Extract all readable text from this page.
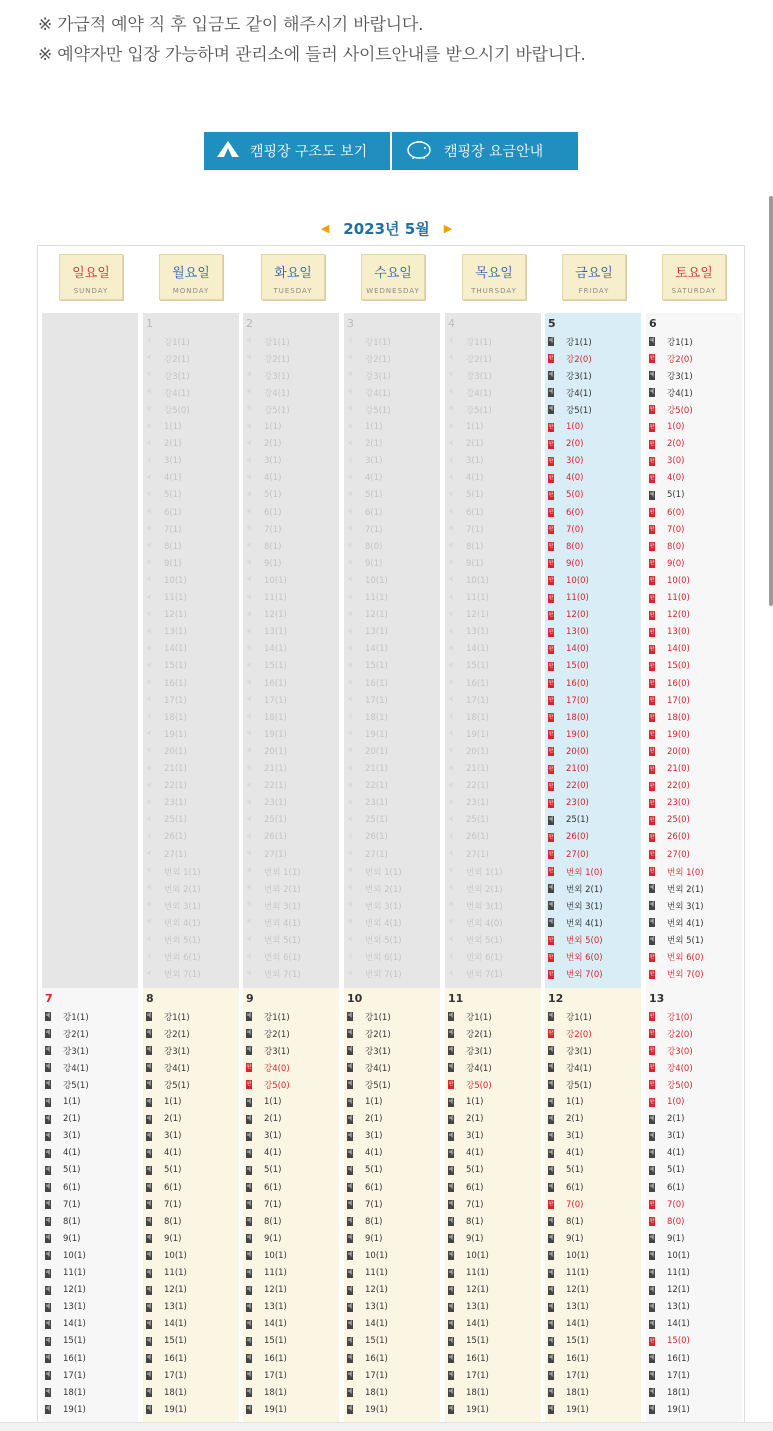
※ 가급적 예약 직 후 입금도 같이 해주시기 바랍니다.
※ 예약자만 입장 가능하며 관리소에 들러 사이트안내를 받으시기 바랍니다.
캠핑장 구조도 보기	캠핑장 요금안내
◀ 2023년 5월 ▶
일요일
SUNDAY
월요일
MONDAY
화요일
TUESDAY
수요일
WEDNESDAY
목요일
THURSDAY
금요일
FRIDAY
토요일
SATURDAY
1
예 강1(1)
예 강2(1)
예 강3(1)
예 강4(1)
완 강5(0)
예 1(1)
예 2(1)
예 3(1)
예 4(1)
예 5(1)
예 6(1)
예 7(1)
예 8(1)
예 9(1)
예 10(1)
예 11(1)
예 12(1)
예 13(1)
예 14(1)
예 15(1)
예 16(1)
예 17(1)
예 18(1)
예 19(1)
예 20(1)
예 21(1)
예 22(1)
예 23(1)
예 25(1)
예 26(1)
예 27(1)
예 번외 1(1)
예 번외 2(1)
예 번외 3(1)
예 번외 4(1)
예 번외 5(1)
예 번외 6(1)
예 번외 7(1)
2
예 강1(1)
예 강2(1)
예 강3(1)
예 강4(1)
예 강5(1)
예 1(1)
예 2(1)
예 3(1)
예 4(1)
예 5(1)
예 6(1)
예 7(1)
예 8(1)
예 9(1)
예 10(1)
예 11(1)
예 12(1)
예 13(1)
예 14(1)
예 15(1)
예 16(1)
예 17(1)
예 18(1)
예 19(1)
예 20(1)
예 21(1)
예 22(1)
예 23(1)
예 25(1)
예 26(1)
예 27(1)
예 번외 1(1)
예 번외 2(1)
예 번외 3(1)
예 번외 4(1)
예 번외 5(1)
예 번외 6(1)
예 번외 7(1)
3
예 강1(1)
예 강2(1)
예 강3(1)
예 강4(1)
예 강5(1)
예 1(1)
예 2(1)
예 3(1)
예 4(1)
예 5(1)
예 6(1)
예 7(1)
완 8(0)
예 9(1)
예 10(1)
예 11(1)
예 12(1)
예 13(1)
예 14(1)
예 15(1)
예 16(1)
예 17(1)
예 18(1)
예 19(1)
예 20(1)
예 21(1)
예 22(1)
예 23(1)
예 25(1)
예 26(1)
예 27(1)
예 번외 1(1)
예 번외 2(1)
예 번외 3(1)
예 번외 4(1)
예 번외 5(1)
예 번외 6(1)
예 번외 7(1)
4
예 강1(1)
예 강2(1)
예 강3(1)
예 강4(1)
예 강5(1)
예 1(1)
예 2(1)
예 3(1)
예 4(1)
예 5(1)
예 6(1)
예 7(1)
예 8(1)
예 9(1)
예 10(1)
예 11(1)
예 12(1)
예 13(1)
예 14(1)
예 15(1)
예 16(1)
예 17(1)
예 18(1)
예 19(1)
예 20(1)
예 21(1)
예 22(1)
예 23(1)
예 25(1)
예 26(1)
예 27(1)
예 번외 1(1)
예 번외 2(1)
예 번외 3(1)
완 번외 4(0)
예 번외 5(1)
예 번외 6(1)
예 번외 7(1)
5
예 강1(1)
완 강2(0)
예 강3(1)
예 강4(1)
예 강5(1)
완 1(0)
완 2(0)
완 3(0)
완 4(0)
완 5(0)
완 6(0)
완 7(0)
완 8(0)
완 9(0)
완 10(0)
완 11(0)
완 12(0)
완 13(0)
완 14(0)
완 15(0)
완 16(0)
완 17(0)
완 18(0)
완 19(0)
완 20(0)
완 21(0)
완 22(0)
완 23(0)
예 25(1)
완 26(0)
완 27(0)
완 번외 1(0)
예 번외 2(1)
예 번외 3(1)
예 번외 4(1)
완 번외 5(0)
완 번외 6(0)
완 번외 7(0)
6
예 강1(1)
완 강2(0)
예 강3(1)
예 강4(1)
완 강5(0)
완 1(0)
완 2(0)
완 3(0)
완 4(0)
예 5(1)
완 6(0)
완 7(0)
완 8(0)
완 9(0)
완 10(0)
완 11(0)
완 12(0)
완 13(0)
완 14(0)
완 15(0)
완 16(0)
완 17(0)
완 18(0)
완 19(0)
완 20(0)
완 21(0)
완 22(0)
완 23(0)
완 25(0)
완 26(0)
완 27(0)
완 번외 1(0)
예 번외 2(1)
예 번외 3(1)
예 번외 4(1)
예 번외 5(1)
완 번외 6(0)
완 번외 7(0)
7
예 강1(1)
예 강2(1)
예 강3(1)
예 강4(1)
예 강5(1)
예 1(1)
예 2(1)
예 3(1)
예 4(1)
예 5(1)
예 6(1)
예 7(1)
예 8(1)
예 9(1)
예 10(1)
예 11(1)
예 12(1)
예 13(1)
예 14(1)
예 15(1)
예 16(1)
예 17(1)
예 18(1)
예 19(1)
8
예 강1(1)
예 강2(1)
예 강3(1)
예 강4(1)
예 강5(1)
예 1(1)
예 2(1)
예 3(1)
예 4(1)
예 5(1)
예 6(1)
예 7(1)
예 8(1)
예 9(1)
예 10(1)
예 11(1)
예 12(1)
예 13(1)
예 14(1)
예 15(1)
예 16(1)
예 17(1)
예 18(1)
예 19(1)
9
예 강1(1)
예 강2(1)
예 강3(1)
완 강4(0)
완 강5(0)
예 1(1)
예 2(1)
예 3(1)
예 4(1)
예 5(1)
예 6(1)
예 7(1)
예 8(1)
예 9(1)
예 10(1)
예 11(1)
예 12(1)
예 13(1)
예 14(1)
예 15(1)
예 16(1)
예 17(1)
예 18(1)
예 19(1)
10
예 강1(1)
예 강2(1)
예 강3(1)
예 강4(1)
예 강5(1)
예 1(1)
예 2(1)
예 3(1)
예 4(1)
예 5(1)
예 6(1)
예 7(1)
예 8(1)
예 9(1)
예 10(1)
예 11(1)
예 12(1)
예 13(1)
예 14(1)
예 15(1)
예 16(1)
예 17(1)
예 18(1)
예 19(1)
11
예 강1(1)
예 강2(1)
예 강3(1)
예 강4(1)
완 강5(0)
예 1(1)
예 2(1)
예 3(1)
예 4(1)
예 5(1)
예 6(1)
예 7(1)
예 8(1)
예 9(1)
예 10(1)
예 11(1)
예 12(1)
예 13(1)
예 14(1)
예 15(1)
예 16(1)
예 17(1)
예 18(1)
예 19(1)
12
예 강1(1)
완 강2(0)
예 강3(1)
예 강4(1)
예 강5(1)
예 1(1)
예 2(1)
예 3(1)
예 4(1)
예 5(1)
예 6(1)
완 7(0)
예 8(1)
예 9(1)
예 10(1)
예 11(1)
예 12(1)
예 13(1)
예 14(1)
예 15(1)
예 16(1)
예 17(1)
예 18(1)
예 19(1)
13
완 강1(0)
완 강2(0)
완 강3(0)
완 강4(0)
완 강5(0)
완 1(0)
예 2(1)
예 3(1)
예 4(1)
예 5(1)
예 6(1)
완 7(0)
완 8(0)
예 9(1)
예 10(1)
예 11(1)
예 12(1)
예 13(1)
예 14(1)
완 15(0)
예 16(1)
예 17(1)
예 18(1)
예 19(1)
